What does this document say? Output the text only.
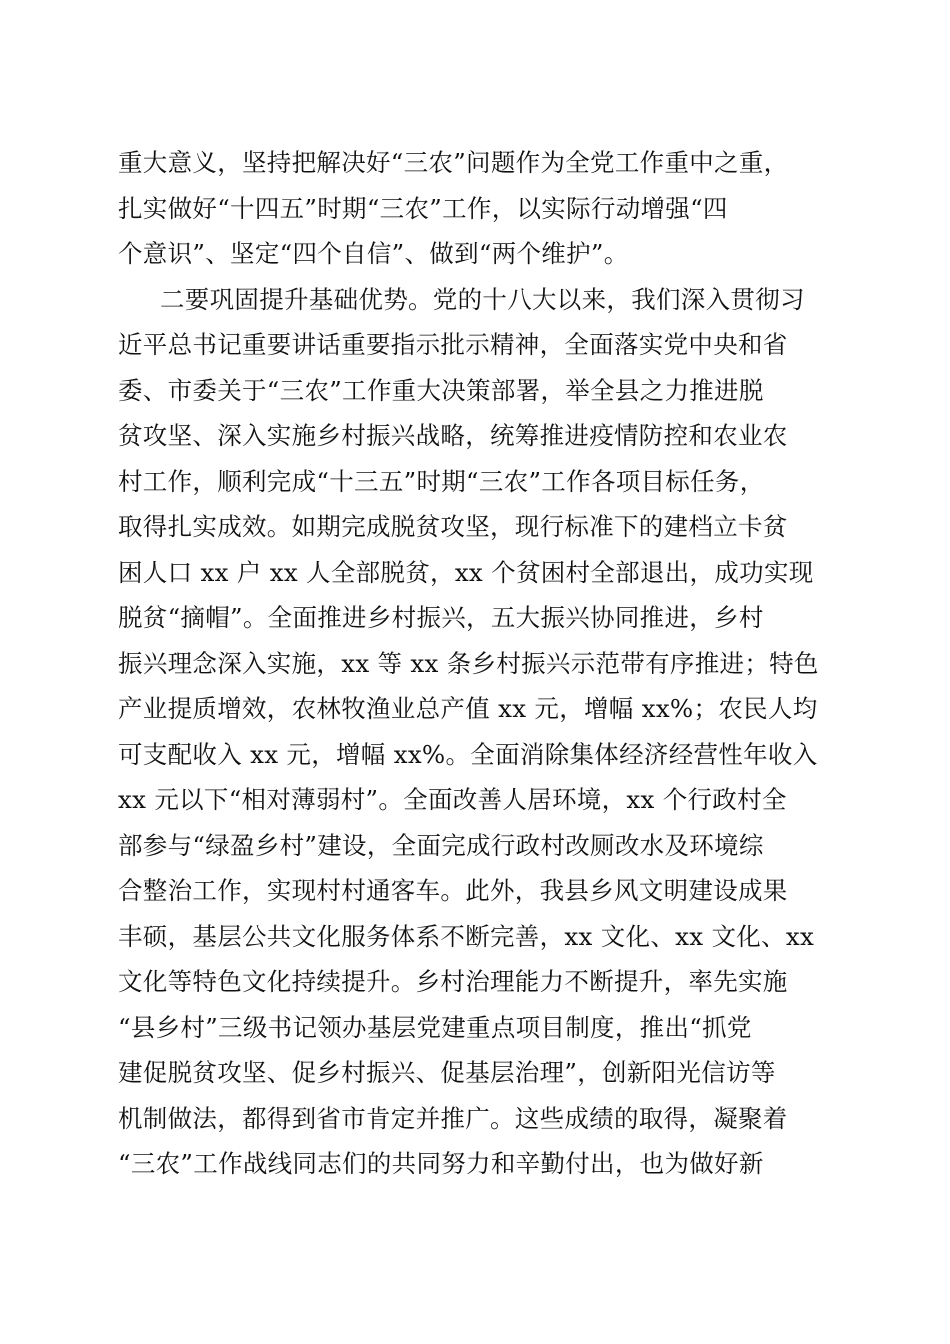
重大意义，坚持把解决好“三农”问题作为全党工作重中之重，
扎实做好“十四五”时期“三农”工作，以实际行动增强“四
个意识”、坚定“四个自信”、做到“两个维护”。
二要巩固提升基础优势。党的十八大以来，我们深入贯彻习
近平总书记重要讲话重要指示批示精神，全面落实党中央和省
委、市委关于“三农”工作重大决策部署，举全县之力推进脱
贫攻坚、深入实施乡村振兴战略，统筹推进疫情防控和农业农
村工作，顺利完成“十三五”时期“三农”工作各项目标任务，
取得扎实成效。如期完成脱贫攻坚，现行标准下的建档立卡贫
困人口 xx 户 xx 人全部脱贫，xx 个贫困村全部退出，成功实现
脱贫“摘帽”。全面推进乡村振兴，五大振兴协同推进，乡村
振兴理念深入实施，xx 等 xx 条乡村振兴示范带有序推进；特色
产业提质增效，农林牧渔业总产值 xx 元，增幅 xx%；农民人均
可支配收入 xx 元，增幅 xx%。全面消除集体经济经营性年收入
xx 元以下“相对薄弱村”。全面改善人居环境，xx 个行政村全
部参与“绿盈乡村”建设，全面完成行政村改厕改水及环境综
合整治工作，实现村村通客车。此外，我县乡风文明建设成果
丰硕，基层公共文化服务体系不断完善，xx 文化、xx 文化、xx
文化等特色文化持续提升。乡村治理能力不断提升，率先实施
“县乡村”三级书记领办基层党建重点项目制度，推出“抓党
建促脱贫攻坚、促乡村振兴、促基层治理”，创新阳光信访等
机制做法，都得到省市肯定并推广。这些成绩的取得，凝聚着
“三农”工作战线同志们的共同努力和辛勤付出，也为做好新
